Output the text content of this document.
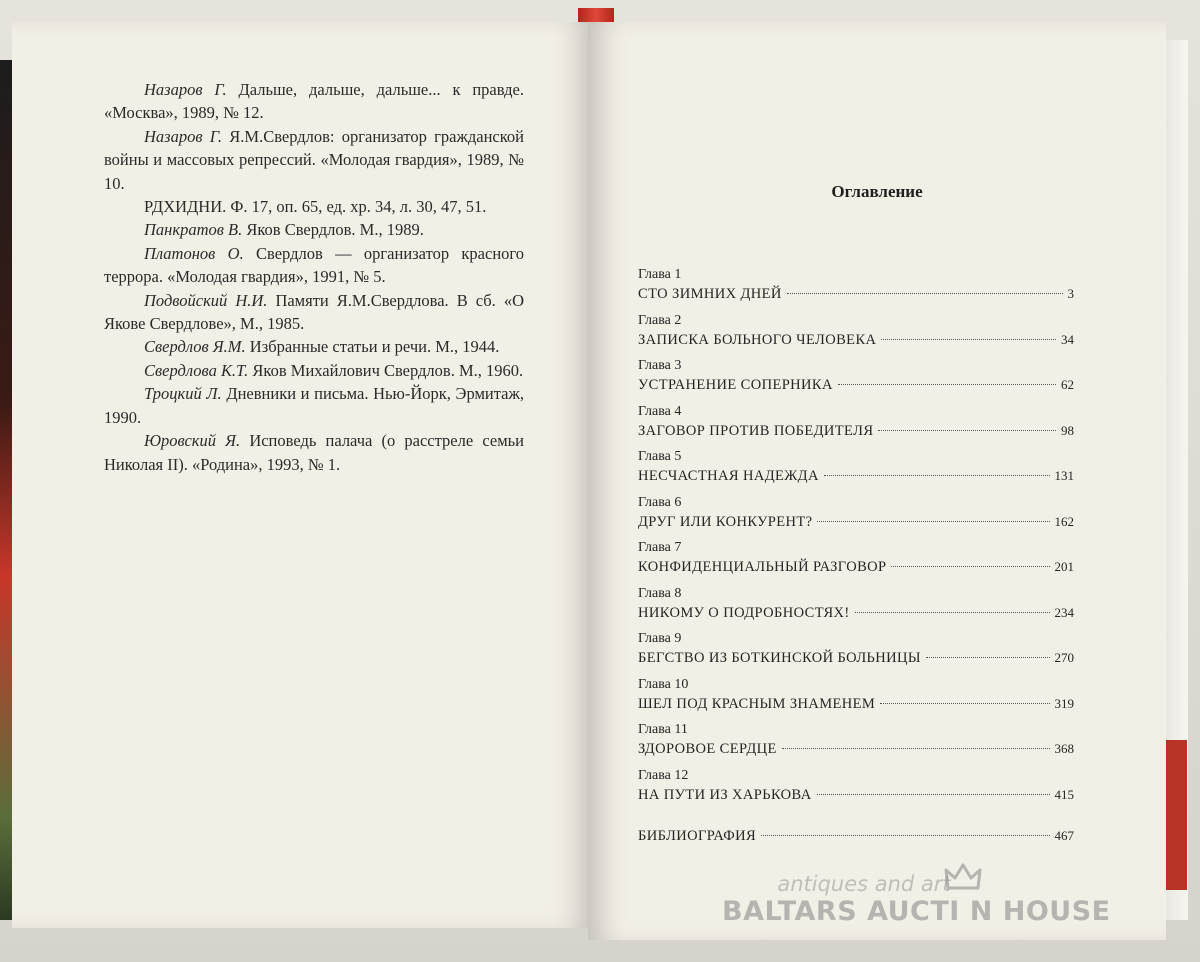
Назаров Г. Дальше, дальше, дальше... к правде. «Москва», 1989, № 12.

Назаров Г. Я.М.Свердлов: организатор гражданской войны и массовых репрессий. «Молодая гвардия», 1989, № 10.

РДХИДНИ. Ф. 17, оп. 65, ед. хр. 34, л. 30, 47, 51.

Панкратов В. Яков Свердлов. М., 1989.

Платонов О. Свердлов — организатор красного террора. «Молодая гвардия», 1991, № 5.

Подвойский Н.И. Памяти Я.М.Свердлова. В сб. «О Якове Свердлове», М., 1985.

Свердлов Я.М. Избранные статьи и речи. М., 1944.

Свердлова К.Т. Яков Михайлович Свердлов. М., 1960.

Троцкий Л. Дневники и письма. Нью-Йорк, Эрмитаж, 1990.

Юровский Я. Исповедь палача (о расстреле семьи Николая II). «Родина», 1993, № 1.

Оглавление
Глава 1
СТО ЗИМНИХ ДНЕЙ	3
Глава 2
ЗАПИСКА БОЛЬНОГО ЧЕЛОВЕКА	34
Глава 3
УСТРАНЕНИЕ СОПЕРНИКА	62
Глава 4
ЗАГОВОР ПРОТИВ ПОБЕДИТЕЛЯ	98
Глава 5
НЕСЧАСТНАЯ НАДЕЖДА	131
Глава 6
ДРУГ ИЛИ КОНКУРЕНТ?	162
Глава 7
КОНФИДЕНЦИАЛЬНЫЙ РАЗГОВОР	201
Глава 8
НИКОМУ О ПОДРОБНОСТЯХ!	234
Глава 9
БЕГСТВО ИЗ БОТКИНСКОЙ БОЛЬНИЦЫ	270
Глава 10
ШЕЛ ПОД КРАСНЫМ ЗНАМЕНЕМ	319
Глава 11
ЗДОРОВОЕ СЕРДЦЕ	368
Глава 12
НА ПУТИ ИЗ ХАРЬКОВА	415
БИБЛИОГРАФИЯ	467
antiques and art
BALTARS AUCTI N HOUSE
